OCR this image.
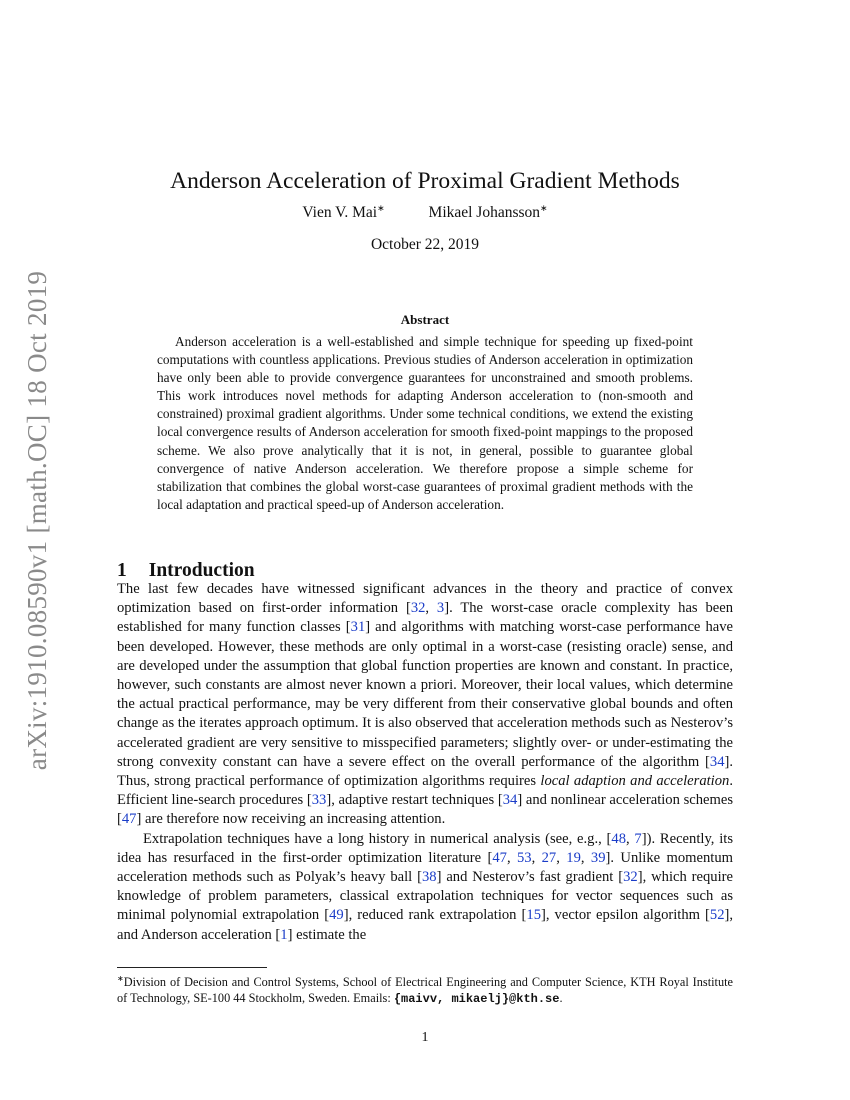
arXiv:1910.08590v1 [math.OC] 18 Oct 2019
Anderson Acceleration of Proximal Gradient Methods
Vien V. Mai∗	Mikael Johansson∗
October 22, 2019
Abstract
Anderson acceleration is a well-established and simple technique for speeding up fixed-point computations with countless applications. Previous studies of Anderson acceleration in optimization have only been able to provide convergence guarantees for unconstrained and smooth problems. This work introduces novel methods for adapting Anderson acceleration to (non-smooth and constrained) proximal gradient algorithms. Under some technical conditions, we extend the existing local convergence results of Anderson acceleration for smooth fixed-point mappings to the proposed scheme. We also prove analytically that it is not, in general, possible to guarantee global convergence of native Anderson acceleration. We therefore propose a simple scheme for stabilization that combines the global worst-case guarantees of proximal gradient methods with the local adaptation and practical speed-up of Anderson acceleration.
1 Introduction

The last few decades have witnessed significant advances in the theory and practice of convex optimization based on first-order information [32, 3]. The worst-case oracle complexity has been established for many function classes [31] and algorithms with matching worst-case performance have been developed. However, these methods are only optimal in a worst-case (resisting oracle) sense, and are developed under the assumption that global function properties are known and constant. In practice, however, such constants are almost never known a priori. Moreover, their local values, which determine the actual practical performance, may be very different from their conservative global bounds and often change as the iterates approach optimum. It is also observed that acceleration methods such as Nesterov’s accelerated gradient are very sensitive to misspecified parameters; slightly over- or under-estimating the strong convexity constant can have a severe effect on the overall performance of the algorithm [34]. Thus, strong practical performance of optimization algorithms requires local adaption and acceleration. Efficient line-search procedures [33], adaptive restart techniques [34] and nonlinear acceleration schemes [47] are therefore now receiving an increasing attention.

Extrapolation techniques have a long history in numerical analysis (see, e.g., [48, 7]). Recently, its idea has resurfaced in the first-order optimization literature [47, 53, 27, 19, 39]. Unlike momentum acceleration methods such as Polyak’s heavy ball [38] and Nesterov’s fast gradient [32], which require knowledge of problem parameters, classical extrapolation techniques for vector sequences such as minimal polynomial extrapolation [49], reduced rank extrapolation [15], vector epsilon algorithm [52], and Anderson acceleration [1] estimate the

∗Division of Decision and Control Systems, School of Electrical Engineering and Computer Science, KTH Royal Institute of Technology, SE-100 44 Stockholm, Sweden. Emails: {maivv, mikaelj}@kth.se.
1
